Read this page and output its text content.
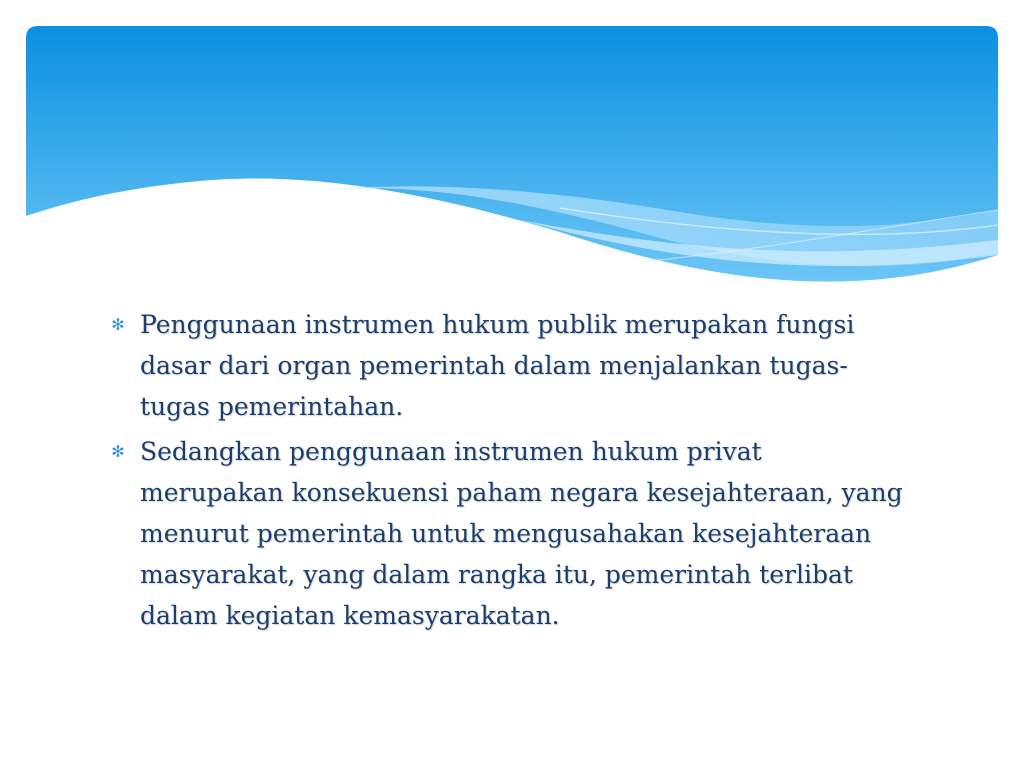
✻ Penggunaan instrumen hukum publik merupakan fungsi dasar dari organ pemerintah dalam menjalankan tugas-tugas pemerintahan.
✻ Sedangkan penggunaan instrumen hukum privat merupakan konsekuensi paham negara kesejahteraan, yang menurut pemerintah untuk mengusahakan kesejahteraan masyarakat, yang dalam rangka itu, pemerintah terlibat dalam kegiatan kemasyarakatan.
